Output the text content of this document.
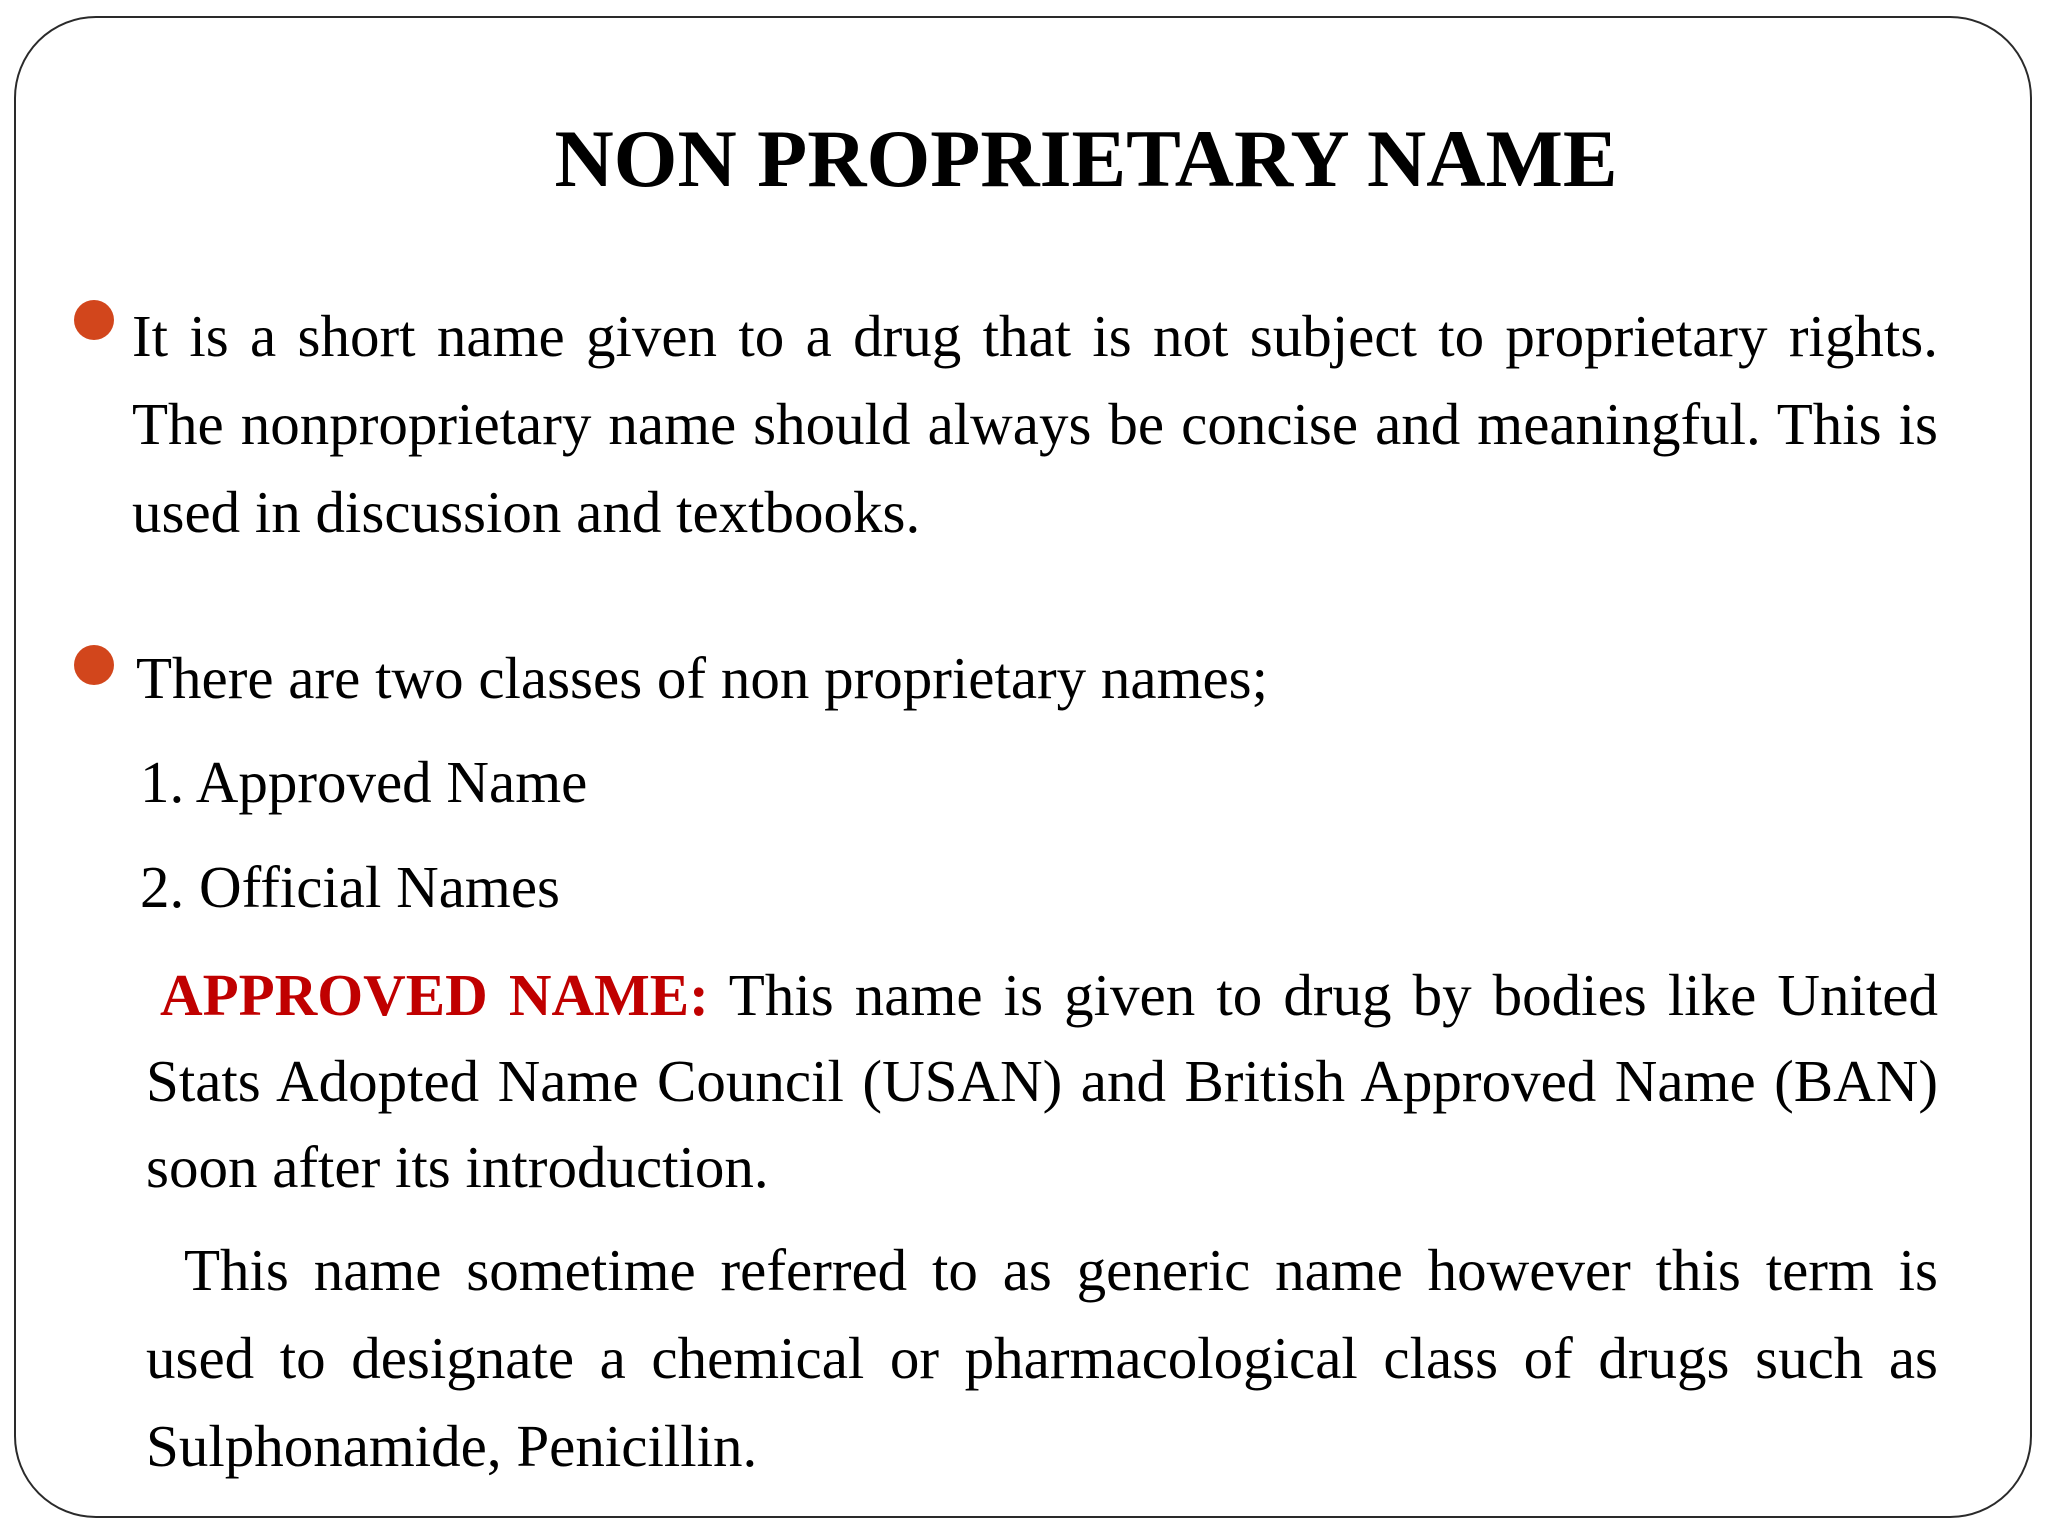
NON PROPRIETARY NAME
It is a short name given to a drug that is not subject to proprietary rights. The nonproprietary name should always be concise and meaningful. This is used in discussion and textbooks.
There are two classes of non proprietary names;
1. Approved Name
2. Official Names
APPROVED NAME: This name is given to drug by bodies like United Stats Adopted Name Council (USAN) and British Approved Name (BAN) soon after its introduction.
This name sometime referred to as generic name however this term is used to designate a chemical or pharmacological class of drugs such as Sulphonamide, Penicillin.
